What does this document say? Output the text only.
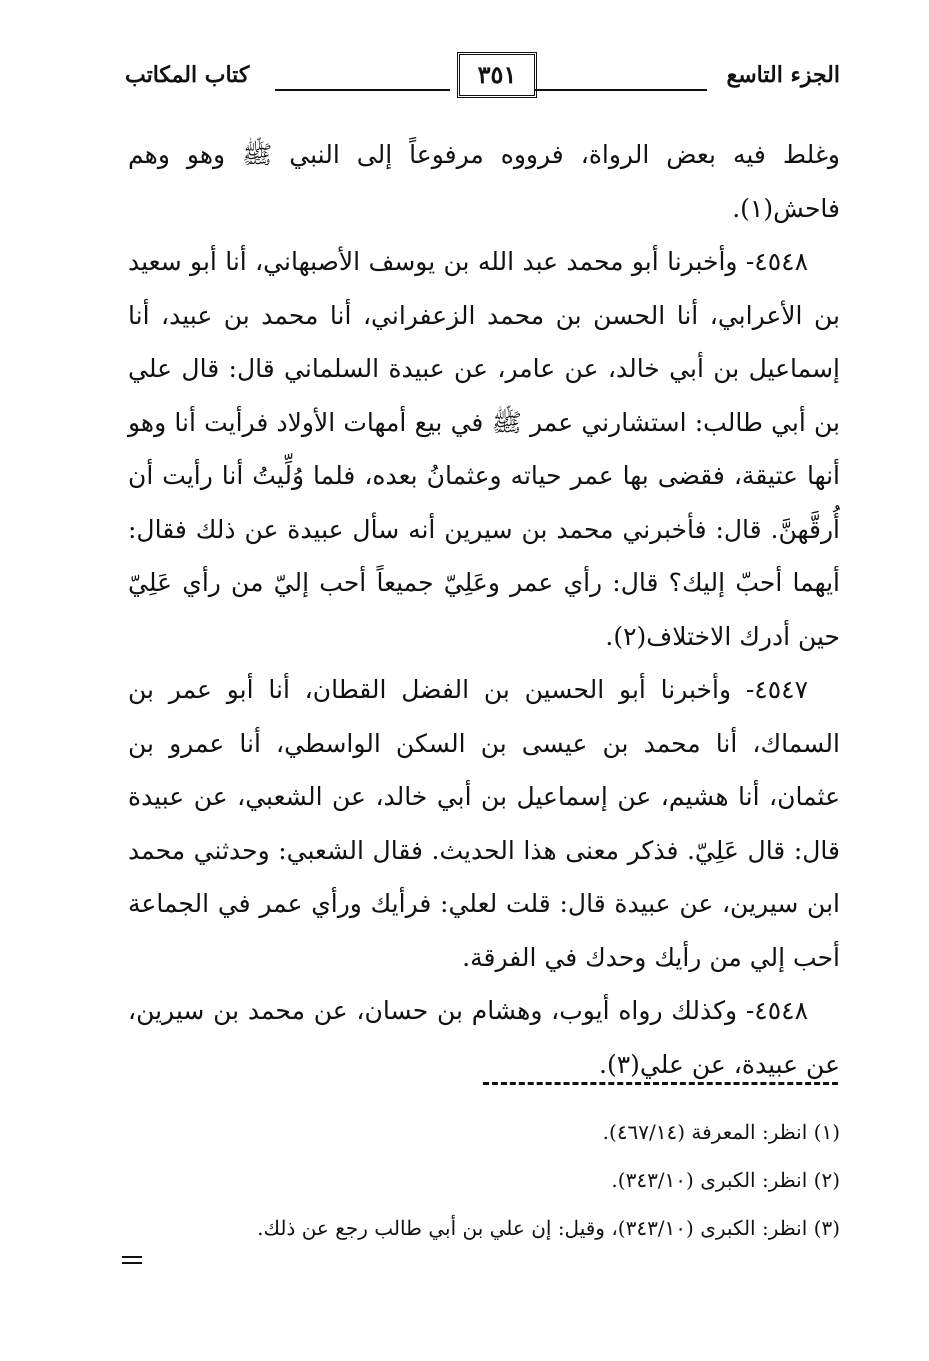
الجزء التاسع
٣٥١
كتاب المكاتب

وغلط فيه بعض الرواة، فرووه مرفوعاً إلى النبي ﷺ وهو وهم فاحش(١).

٤٥٤٨- وأخبرنا أبو محمد عبد الله بن يوسف الأصبهاني، أنا أبو سعيد بن الأعرابي، أنا الحسن بن محمد الزعفراني، أنا محمد بن عبيد، أنا إسماعيل بن أبي خالد، عن عامر، عن عبيدة السلماني قال: قال علي بن أبي طالب: استشارني عمر ﷺ في بيع أمهات الأولاد فرأيت أنا وهو أنها عتيقة، فقضى بها عمر حياته وعثمانُ بعده، فلما وُلِّيتُ أنا رأيت أن أُرقَّهنَّ. قال: فأخبرني محمد بن سيرين أنه سأل عبيدة عن ذلك فقال: أيهما أحبّ إليك؟ قال: رأي عمر وعَلِيّ جميعاً أحب إليّ من رأي عَلِيّ حين أدرك الاختلاف(٢).

٤٥٤٧- وأخبرنا أبو الحسين بن الفضل القطان، أنا أبو عمر بن السماك، أنا محمد بن عيسى بن السكن الواسطي، أنا عمرو بن عثمان، أنا هشيم، عن إسماعيل بن أبي خالد، عن الشعبي، عن عبيدة قال: قال عَلِيّ. فذكر معنى هذا الحديث. فقال الشعبي: وحدثني محمد ابن سيرين، عن عبيدة قال: قلت لعلي: فرأيك ورأي عمر في الجماعة أحب إلي من رأيك وحدك في الفرقة.

٤٥٤٨- وكذلك رواه أيوب، وهشام بن حسان، عن محمد بن سيرين، عن عبيدة، عن علي(٣).

(١) انظر: المعرفة (٤٦٧/١٤).

(٢) انظر: الكبرى (٣٤٣/١٠).

(٣) انظر: الكبرى (٣٤٣/١٠)، وقيل: إن علي بن أبي طالب رجع عن ذلك.
